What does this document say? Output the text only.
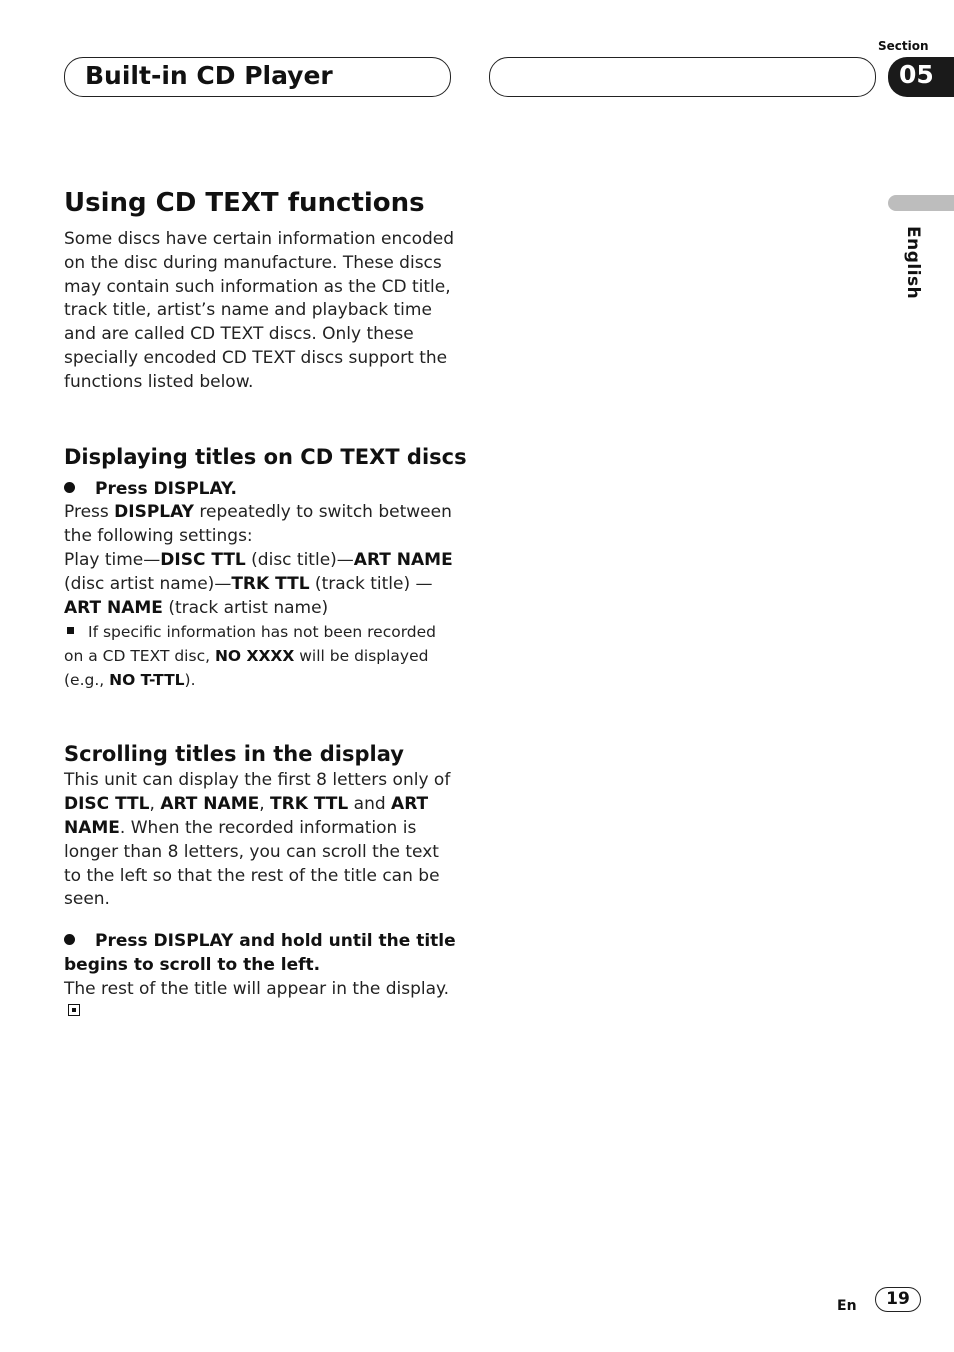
Built-in CD Player
Section
05
English
Using CD TEXT functions

Some discs have certain information encoded on the disc during manufacture. These discs may contain such information as the CD title, track title, artist’s name and playback time and are called CD TEXT discs. Only these specially encoded CD TEXT discs support the functions listed below.

Displaying titles on CD TEXT discs

Press DISPLAY.

Press DISPLAY repeatedly to switch between the following settings:
Play time—DISC TTL (disc title)—ART NAME (disc artist name)—TRK TTL (track title) —ART NAME (track artist name)

If specific information has not been recorded on a CD TEXT disc, NO XXXX will be displayed (e.g., NO T-TTL).

Scrolling titles in the display

This unit can display the first 8 letters only of DISC TTL, ART NAME, TRK TTL and ART NAME. When the recorded information is longer than 8 letters, you can scroll the text to the left so that the rest of the title can be seen.

Press DISPLAY and hold until the title begins to scroll to the left.

The rest of the title will appear in the display.

En	19
